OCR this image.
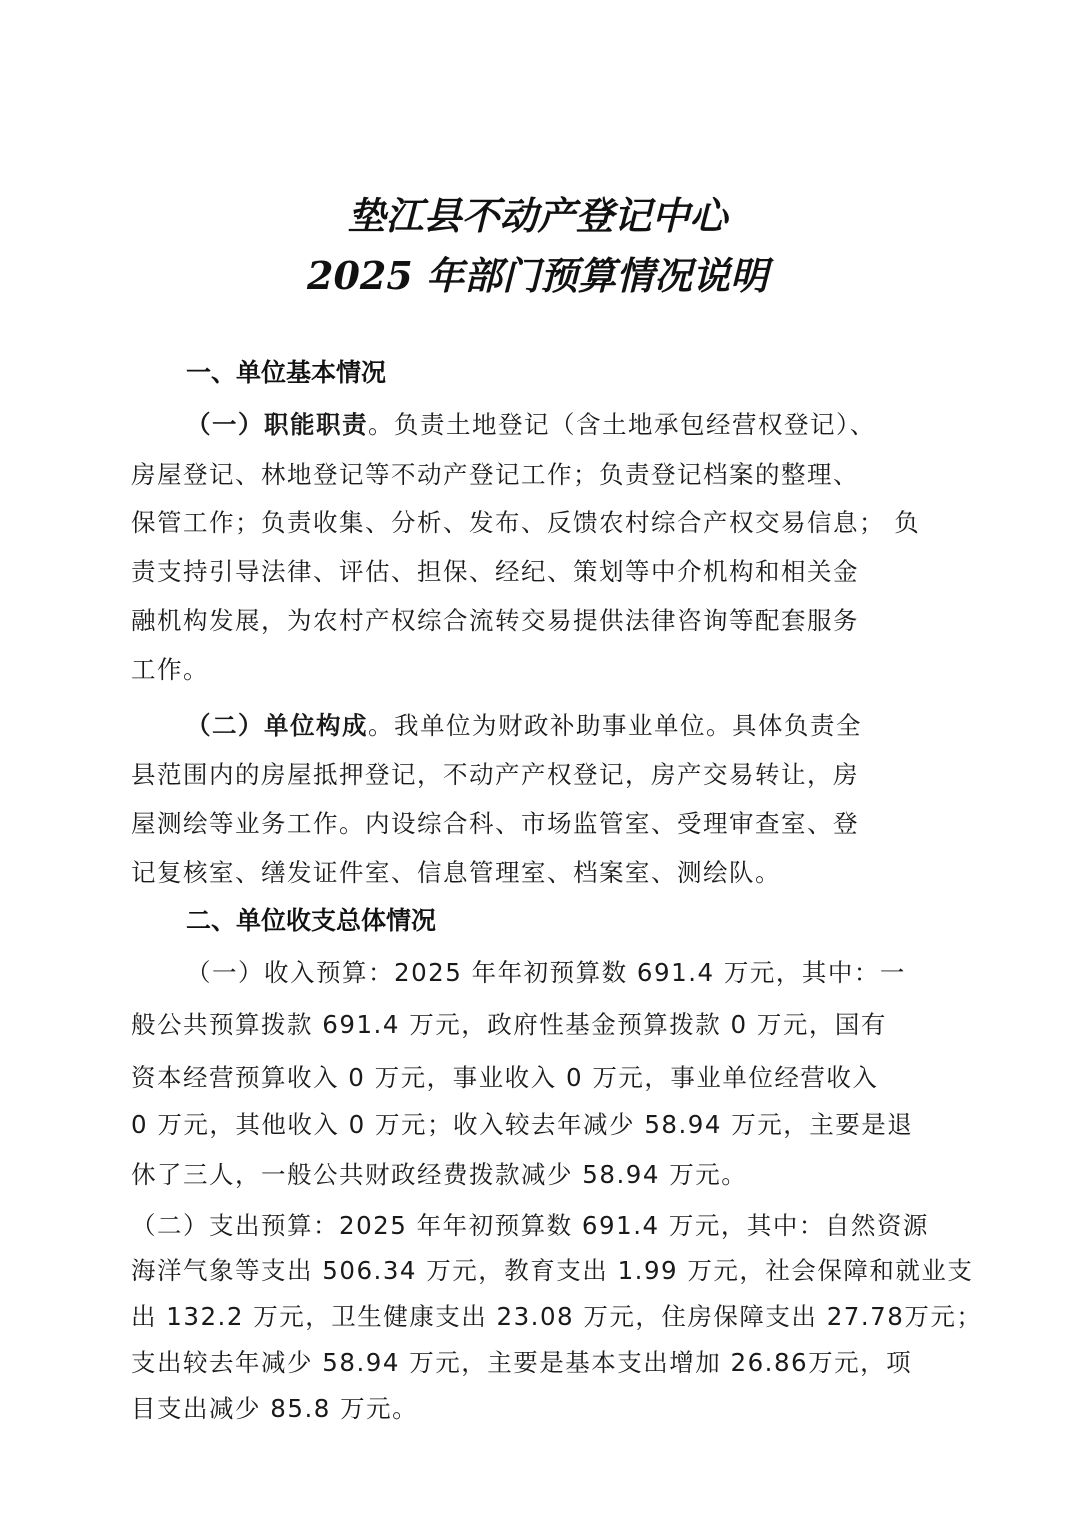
垫江县不动产登记中心
2025 年部门预算情况说明
一、单位基本情况
（一）职能职责。负责土地登记（含土地承包经营权登记）、
房屋登记、林地登记等不动产登记工作；负责登记档案的整理、
保管工作；负责收集、分析、发布、反馈农村综合产权交易信息； 负
责支持引导法律、评估、担保、经纪、策划等中介机构和相关金
融机构发展，为农村产权综合流转交易提供法律咨询等配套服务
工作。
（二）单位构成。我单位为财政补助事业单位。具体负责全
县范围内的房屋抵押登记，不动产产权登记，房产交易转让，房
屋测绘等业务工作。内设综合科、市场监管室、受理审查室、登
记复核室、缮发证件室、信息管理室、档案室、测绘队。
二、单位收支总体情况
（一）收入预算：2025 年年初预算数 691.4 万元，其中：一
般公共预算拨款 691.4 万元，政府性基金预算拨款 0 万元，国有
资本经营预算收入 0 万元，事业收入 0 万元，事业单位经营收入
0 万元，其他收入 0 万元；收入较去年减少 58.94 万元，主要是退
休了三人，一般公共财政经费拨款减少 58.94 万元。
（二）支出预算：2025 年年初预算数 691.4 万元，其中：自然资源
海洋气象等支出 506.34 万元，教育支出 1.99 万元，社会保障和就业支
出 132.2 万元，卫生健康支出 23.08 万元，住房保障支出 27.78万元；
支出较去年减少 58.94 万元，主要是基本支出增加 26.86万元，项
目支出减少 85.8 万元。
